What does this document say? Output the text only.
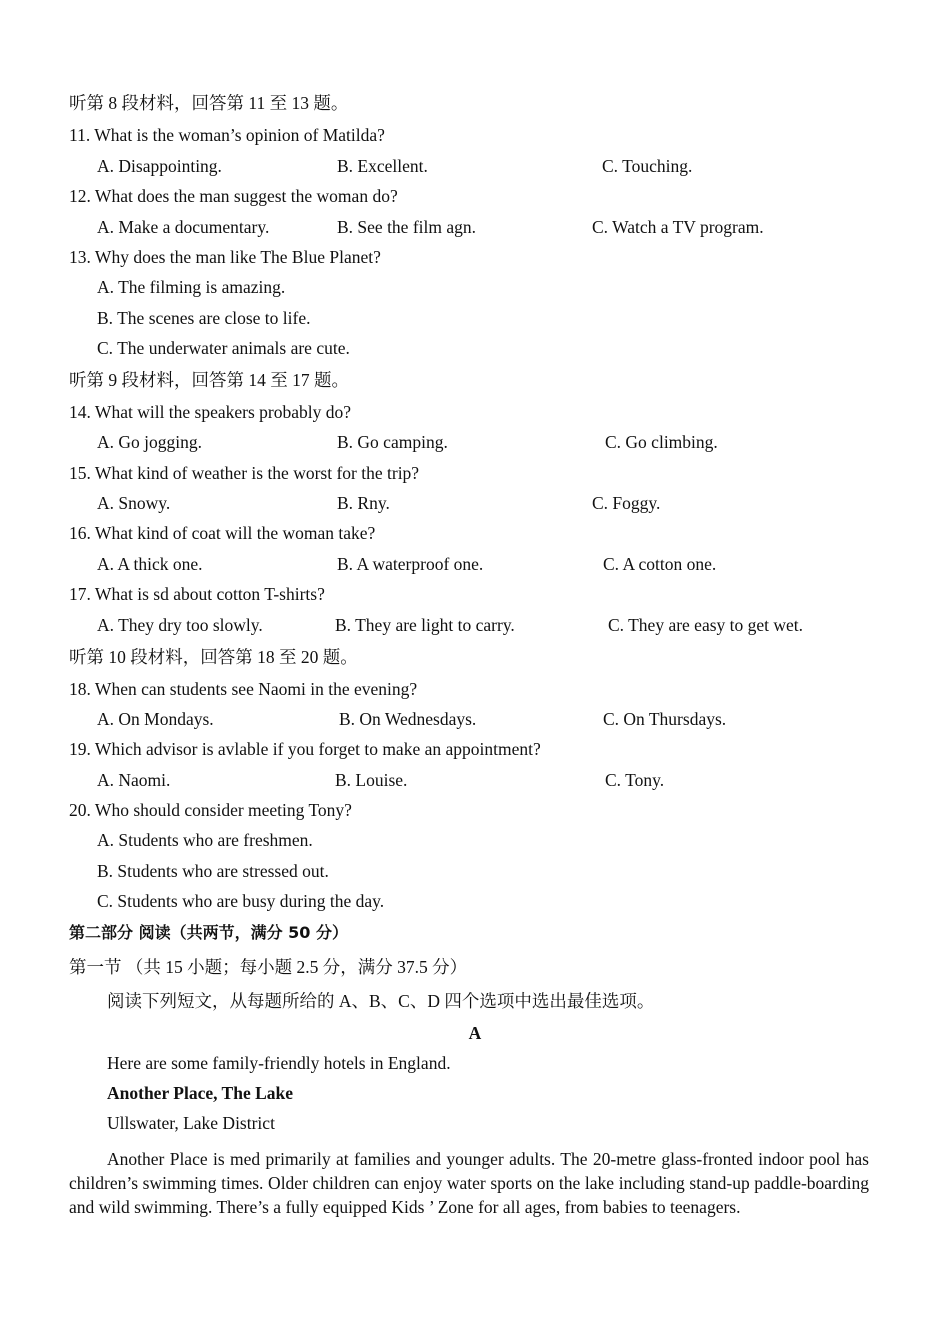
听第 8 段材料，回答第 11 至 13 题。
11. What is the woman’s opinion of Matilda?
A. Disappointing.	B. Excellent.	C. Touching.
12. What does the man suggest the woman do?
A. Make a documentary.	B. See the film agn.	C. Watch a TV program.
13. Why does the man like The Blue Planet?
A. The filming is amazing.
B. The scenes are close to life.
C. The underwater animals are cute.
听第 9 段材料，回答第 14 至 17 题。
14. What will the speakers probably do?
A. Go jogging.	B. Go camping.	C. Go climbing.
15. What kind of weather is the worst for the trip?
A. Snowy.	B. Rny.	C. Foggy.
16. What kind of coat will the woman take?
A. A thick one.	B. A waterproof one.	C. A cotton one.
17. What is sd about cotton T-shirts?
A. They dry too slowly.	B. They are light to carry.	C. They are easy to get wet.
听第 10 段材料，回答第 18 至 20 题。
18. When can students see Naomi in the evening?
A. On Mondays.	B. On Wednesdays.	C. On Thursdays.
19. Which advisor is avlable if you forget to make an appointment?
A. Naomi.	B. Louise.	C. Tony.
20. Who should consider meeting Tony?
A. Students who are freshmen.
B. Students who are stressed out.
C. Students who are busy during the day.
第二部分 阅读（共两节，满分 50 分）
第一节 （共 15 小题；每小题 2.5 分，满分 37.5 分）
阅读下列短文，从每题所给的 A、B、C、D 四个选项中选出最佳选项。
A
Here are some family-friendly hotels in England.
Another Place, The Lake
Ullswater, Lake District
Another Place is med primarily at families and younger adults. The 20-metre glass-fronted indoor pool has children’s swimming times. Older children can enjoy water sports on the lake including stand-up paddle-boarding and wild swimming. There’s a fully equipped Kids ’ Zone for all ages, from babies to teenagers.
